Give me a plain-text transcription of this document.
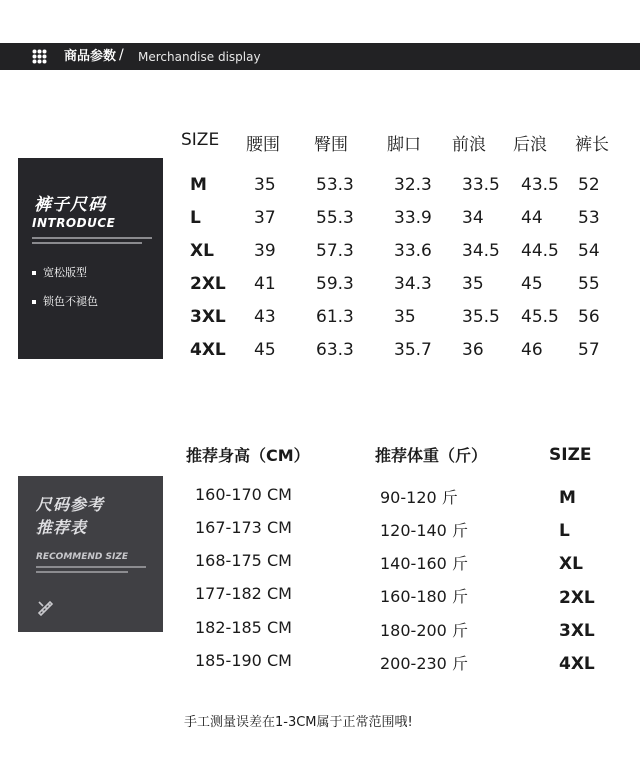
商品参数 / Merchandise display
裤子尺码
INTRODUCE
宽松版型
锁色不褪色
SIZE 腰围 臀围 脚口 前浪 后浪 裤长
M	35 53.3 32.3 33.5 43.5 52
L	37 55.3 33.9 34 44 53
XL 39 57.3 33.6 34.5 44.5 54
2XL 41 59.3 34.3 35 45 55
3XL 43 61.3 35	35.5 45.5 56
4XL 45 63.3 35.7 36 46 57
尺码参考
推荐表
RECOMMEND SIZE
推荐身高（CM）	推荐体重（斤）	SIZE
160-170 CM	90-120 斤	M
167-173 CM	120-140 斤	L
168-175 CM	140-160 斤	XL
177-182 CM	160-180 斤	2XL
182-185 CM	180-200 斤	3XL
185-190 CM	200-230 斤	4XL
手工测量误差在1-3CM属于正常范围哦!
